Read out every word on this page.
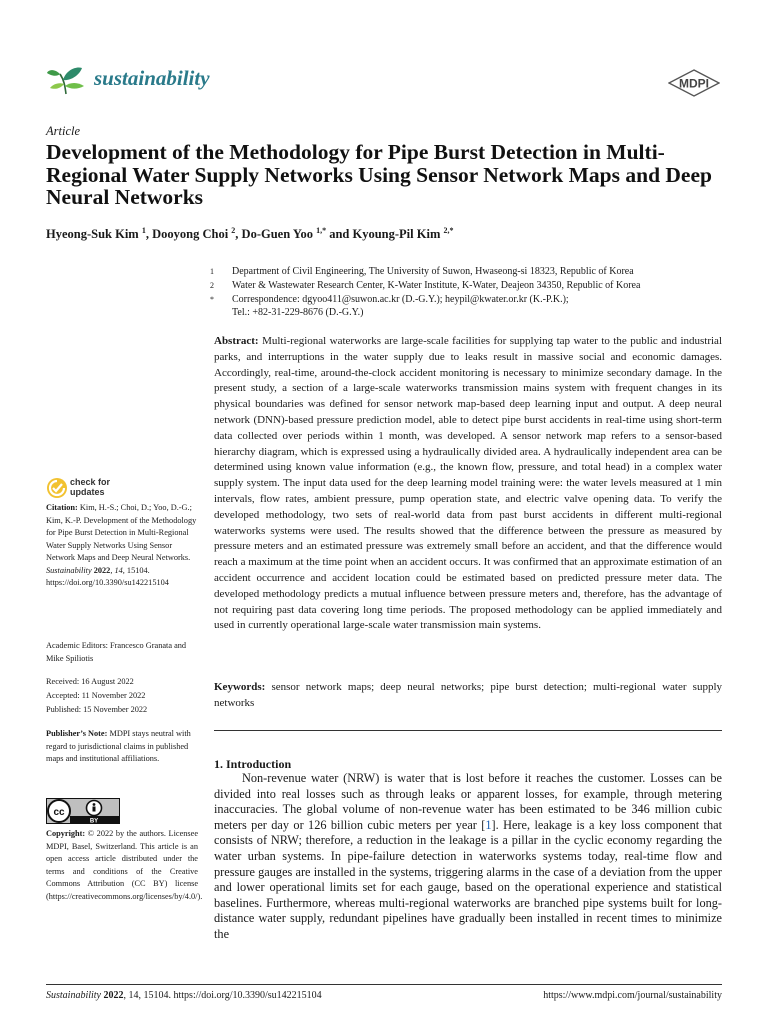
sustainability	MDPI
Article
Development of the Methodology for Pipe Burst Detection in Multi-Regional Water Supply Networks Using Sensor Network Maps and Deep Neural Networks
Hyeong-Suk Kim $^1$, Dooyong Choi $^2$, Do-Guen Yoo $^{1,*}$ and Kyoung-Pil Kim $^{2,*}$
1	Department of Civil Engineering, The University of Suwon, Hwaseong-si 18323, Republic of Korea
2	Water & Wastewater Research Center, K-Water Institute, K-Water, Deajeon 34350, Republic of Korea
*	Correspondence: dgyoo411@suwon.ac.kr (D.-G.Y.); heypil@kwater.or.kr (K.-P.K.);
Tel.: +82-31-229-8676 (D.-G.Y.)
Abstract: Multi-regional waterworks are large-scale facilities for supplying tap water to the public and industrial parks, and interruptions in the water supply due to leaks result in massive social and economic damages. Accordingly, real-time, around-the-clock accident monitoring is necessary to minimize secondary damage. In the present study, a section of a large-scale waterworks transmission mains system with frequent changes in its physical boundaries was defined for sensor network map-based deep learning input and output. A deep neural network (DNN)-based pressure prediction model, able to detect pipe burst accidents in real-time using short-term data collected over periods within 1 month, was developed. A sensor network map refers to a sensor-based hierarchy diagram, which is expressed using a hydraulically divided area. A hydraulically independent area can be determined using known value information (e.g., the known flow, pressure, and total head) in a complex water supply system. The input data used for the deep learning model training were: the water levels measured at 1 min intervals, flow rates, ambient pressure, pump operation state, and electric valve opening data. To verify the developed methodology, two sets of real-world data from past burst accidents in different multi-regional waterworks systems were used. The results showed that the difference between the pressure as measured by pressure meters and an estimated pressure was extremely small before an accident, and that the difference would reach a maximum at the time point when an accident occurs. It was confirmed that an approximate estimation of an accident occurrence and accident location could be estimated based on predicted pressure meter data. The developed methodology predicts a mutual influence between pressure meters and, therefore, has the advantage of not requiring past data covering long time periods. The proposed methodology can be applied immediately and used in currently operational large-scale water transmission main systems.
Keywords: sensor network maps; deep neural networks; pipe burst detection; multi-regional water supply networks
1. Introduction

Non-revenue water (NRW) is water that is lost before it reaches the customer. Losses can be divided into real losses such as through leaks or apparent losses, for example, through metering inaccuracies. The global volume of non-revenue water has been estimated to be 346 million cubic meters per day or 126 billion cubic meters per year [1]. Here, leakage is a key loss component that consists of NRW; therefore, a reduction in the leakage is a pillar in the cyclic economy regarding the water urban systems. In pipe-failure detection in waterworks systems today, real-time flow and pressure gauges are installed in the systems, triggering alarms in the case of a deviation from the upper and lower operational limits set for each gauge, based on the operational experience and statistical baselines. Furthermore, whereas multi-regional waterworks are branched pipe systems built for long-distance water supply, redundant pipelines have gradually been installed in recent times to minimize the

check for
updates
Citation: Kim, H.-S.; Choi, D.; Yoo, D.-G.; Kim, K.-P. Development of the Methodology for Pipe Burst Detection in Multi-Regional Water Supply Networks Using Sensor Network Maps and Deep Neural Networks. Sustainability 2022, 14, 15104. https://doi.org/10.3390/su142215104
Academic Editors: Francesco Granata and Mike Spiliotis
Received: 16 August 2022
Accepted: 11 November 2022
Published: 15 November 2022
Publisher’s Note: MDPI stays neutral with regard to jurisdictional claims in published maps and institutional affiliations.
cc
BY
Copyright: © 2022 by the authors. Licensee MDPI, Basel, Switzerland. This article is an open access article distributed under the terms and conditions of the Creative Commons Attribution (CC BY) license (https://creativecommons.org/licenses/by/4.0/).
Sustainability 2022, 14, 15104. https://doi.org/10.3390/su142215104	https://www.mdpi.com/journal/sustainability
